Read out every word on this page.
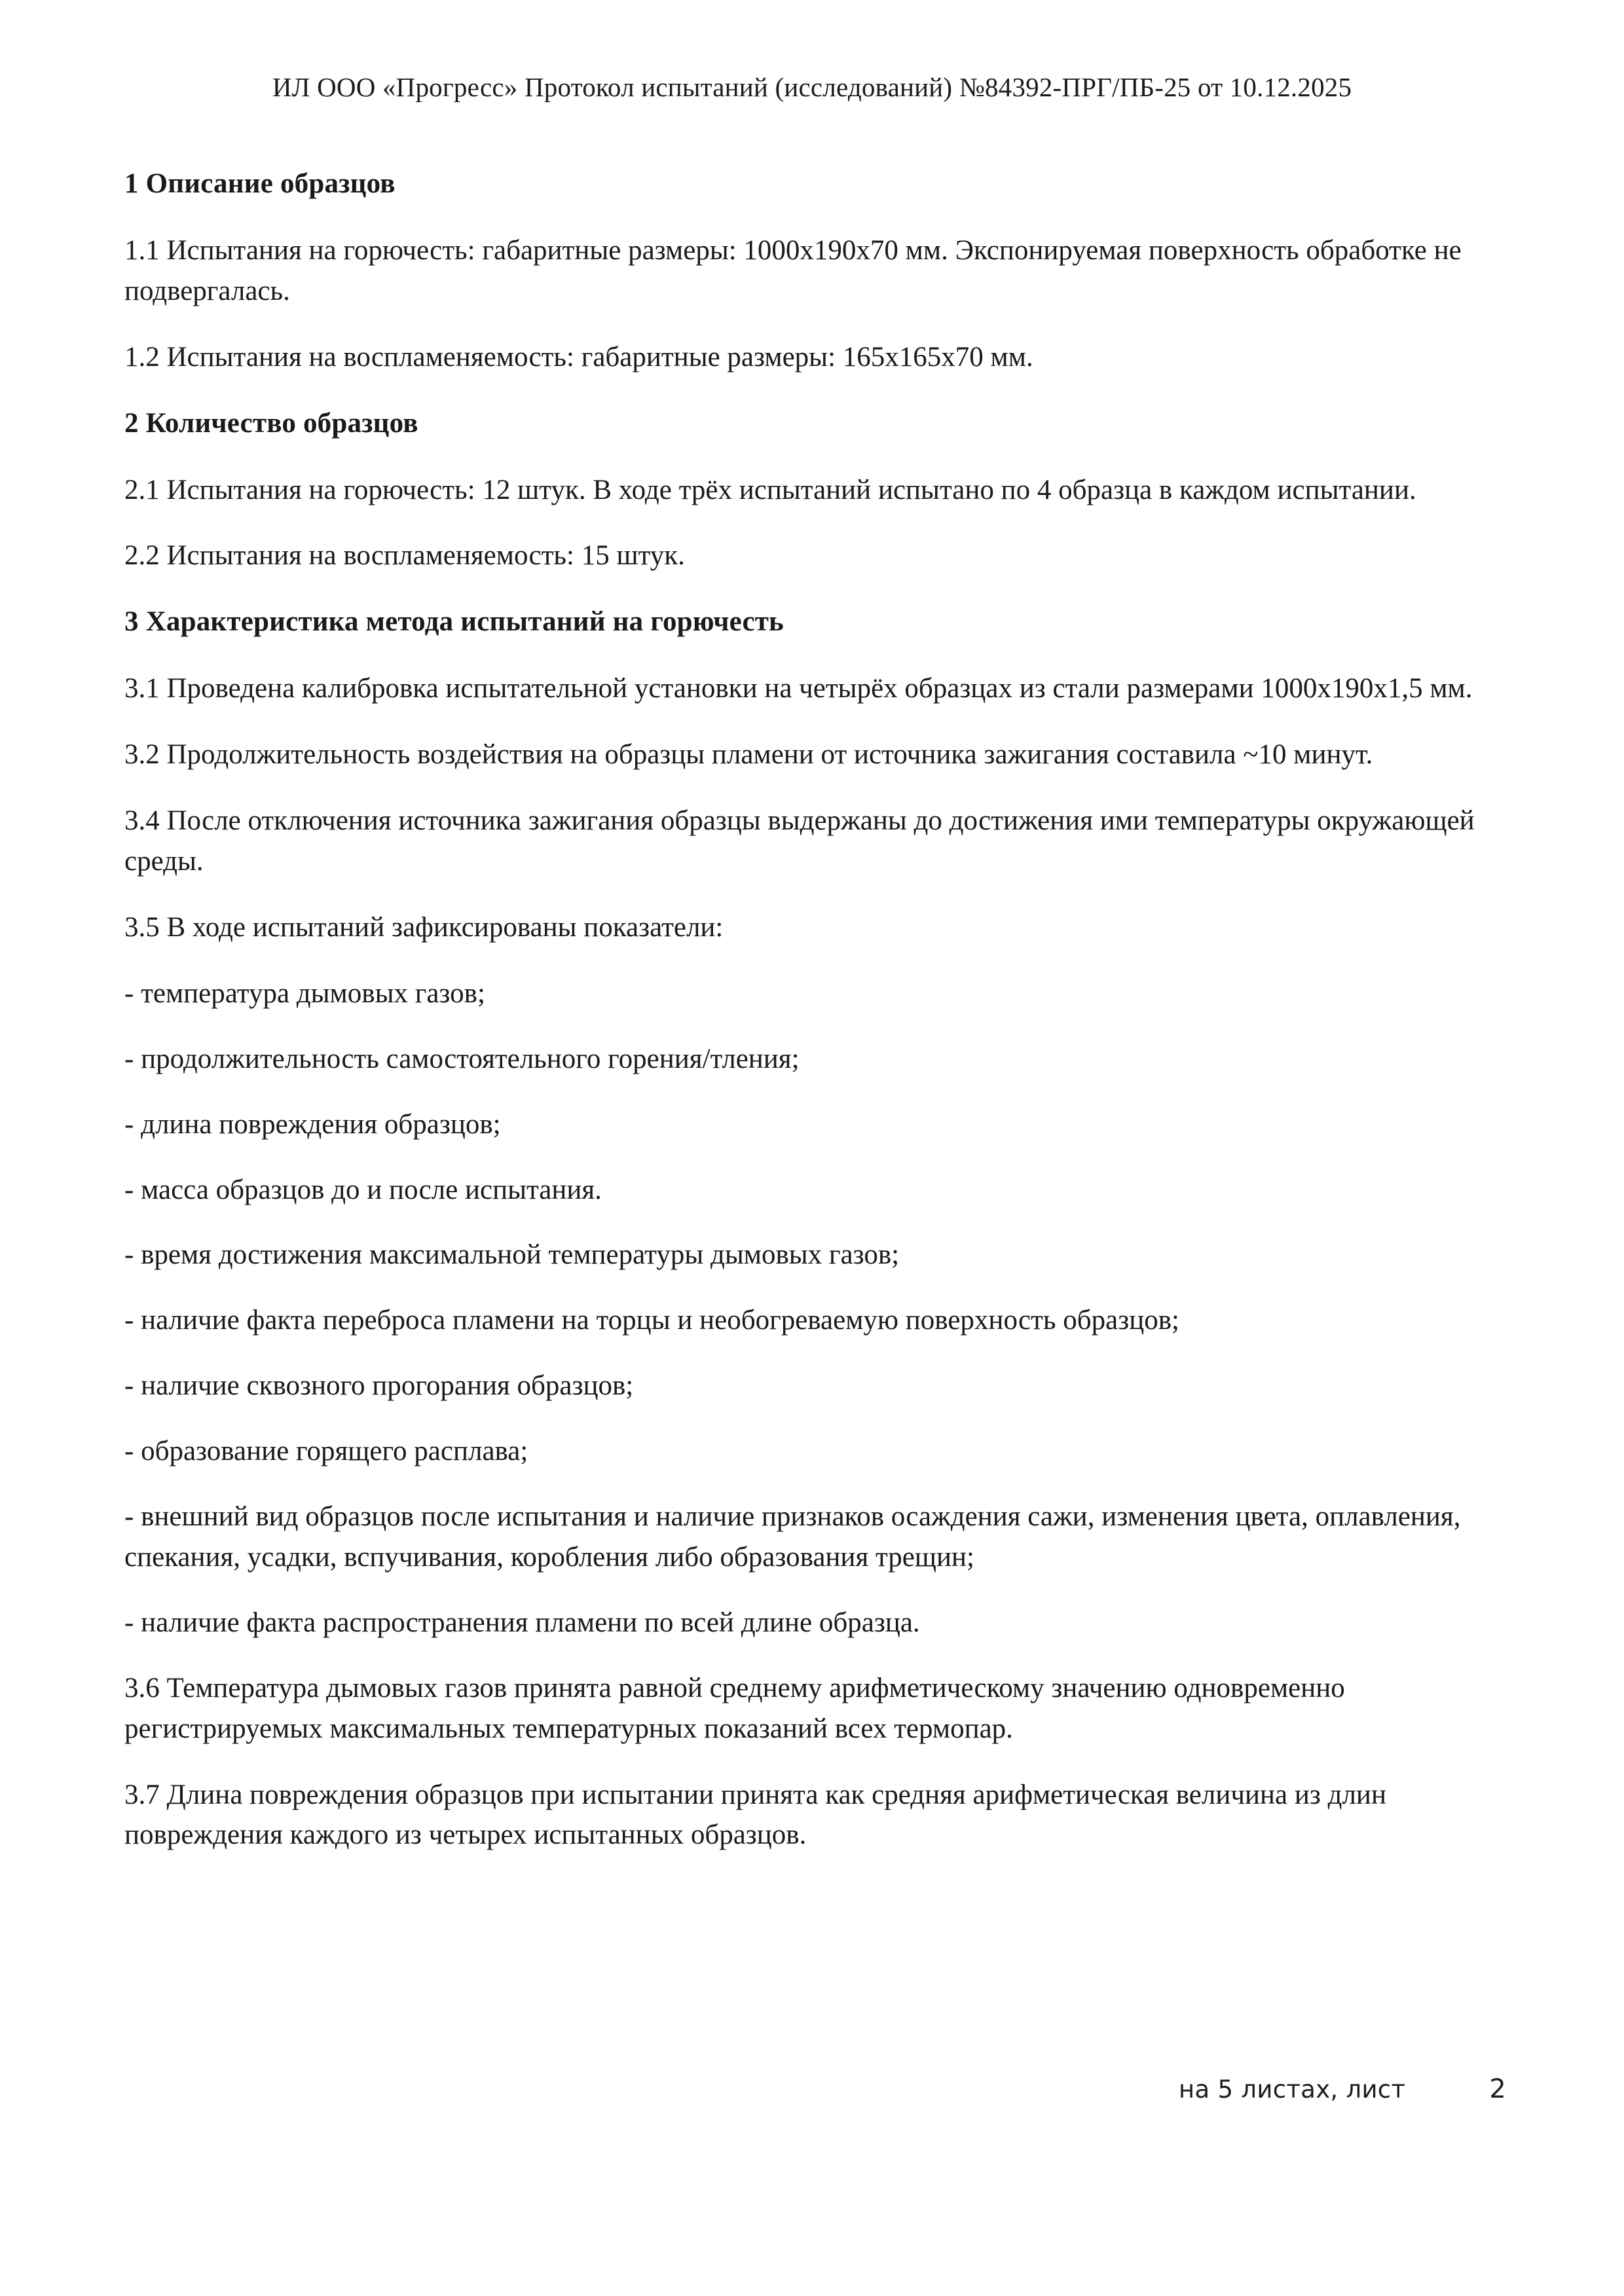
ИЛ ООО «Прогресс» Протокол испытаний (исследований) №84392-ПРГ/ПБ-25 от 10.12.2025

1 Описание образцов

1.1 Испытания на горючесть: габаритные размеры: 1000х190х70 мм. Экспонируемая поверхность обработке не подвергалась.

1.2 Испытания на воспламеняемость: габаритные размеры: 165х165х70 мм.

2 Количество образцов

2.1 Испытания на горючесть: 12 штук. В ходе трёх испытаний испытано по 4 образца в каждом испытании.

2.2 Испытания на воспламеняемость: 15 штук.

3 Характеристика метода испытаний на горючесть

3.1 Проведена калибровка испытательной установки на четырёх образцах из стали размерами 1000х190х1,5 мм.

3.2 Продолжительность воздействия на образцы пламени от источника зажигания составила ~10 минут.

3.4 После отключения источника зажигания образцы выдержаны до достижения ими температуры окружающей среды.

3.5 В ходе испытаний зафиксированы показатели:

- температура дымовых газов;

- продолжительность самостоятельного горения/тления;

- длина повреждения образцов;

- масса образцов до и после испытания.

- время достижения максимальной температуры дымовых газов;

- наличие факта переброса пламени на торцы и необогреваемую поверхность образцов;

- наличие сквозного прогорания образцов;

- образование горящего расплава;

- внешний вид образцов после испытания и наличие признаков осаждения сажи, изменения цвета, оплавления, спекания, усадки, вспучивания, коробления либо образования трещин;

- наличие факта распространения пламени по всей длине образца.

3.6 Температура дымовых газов принята равной среднему арифметическому значению одновременно регистрируемых максимальных температурных показаний всех термопар.

3.7 Длина повреждения образцов при испытании принята как средняя арифметическая величина из длин повреждения каждого из четырех испытанных образцов.

на 5 листах, лист	2
